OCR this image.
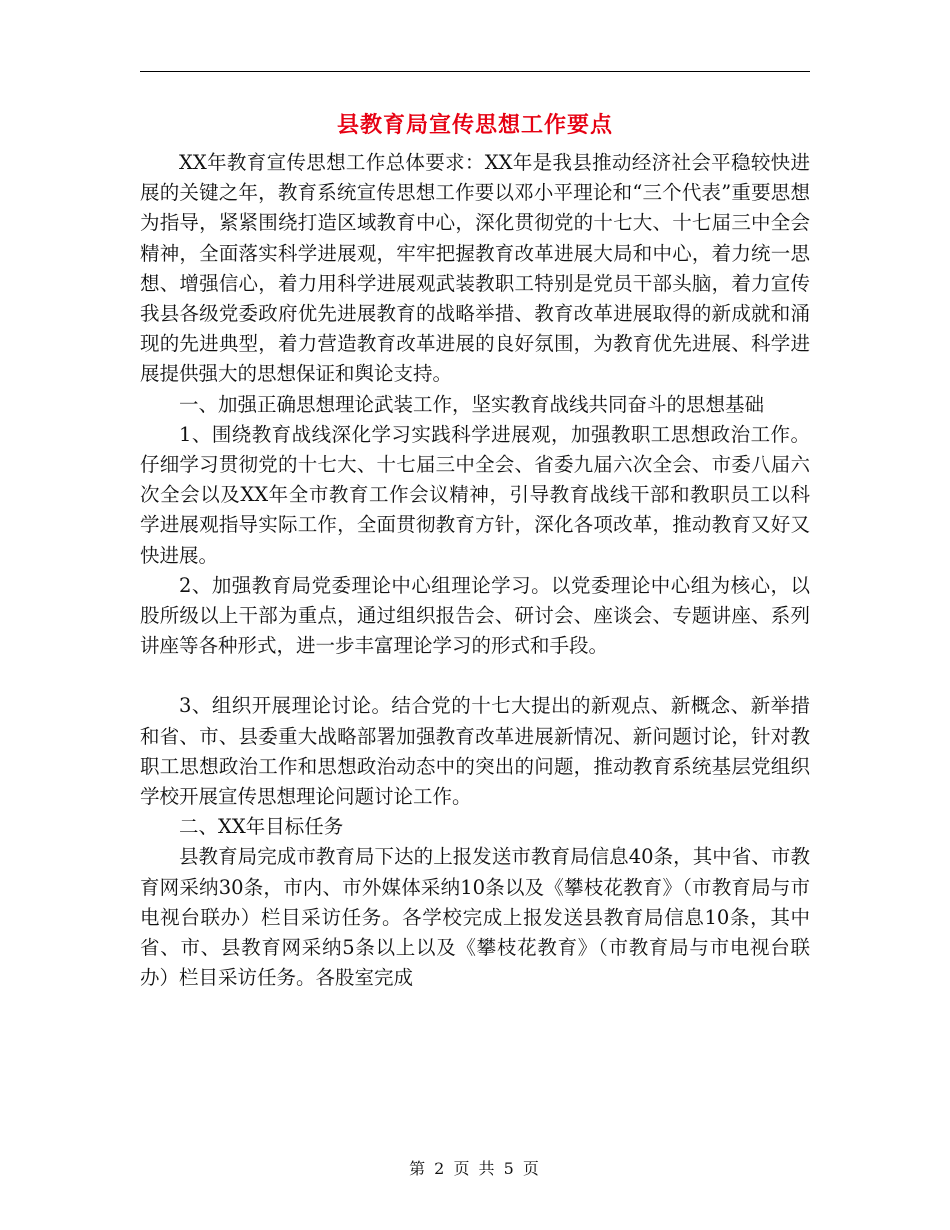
县教育局宣传思想工作要点

XX年教育宣传思想工作总体要求：XX年是我县推动经济社会平稳较快进展的关键之年，教育系统宣传思想工作要以邓小平理论和“三个代表”重要思想为指导，紧紧围绕打造区域教育中心，深化贯彻党的十七大、十七届三中全会精神，全面落实科学进展观，牢牢把握教育改革进展大局和中心，着力统一思想、增强信心，着力用科学进展观武装教职工特别是党员干部头脑，着力宣传我县各级党委政府优先进展教育的战略举措、教育改革进展取得的新成就和涌现的先进典型，着力营造教育改革进展的良好氛围，为教育优先进展、科学进展提供强大的思想保证和舆论支持。

一、加强正确思想理论武装工作，坚实教育战线共同奋斗的思想基础

1、围绕教育战线深化学习实践科学进展观，加强教职工思想政治工作。仔细学习贯彻党的十七大、十七届三中全会、省委九届六次全会、市委八届六次全会以及XX年全市教育工作会议精神，引导教育战线干部和教职员工以科学进展观指导实际工作，全面贯彻教育方针，深化各项改革，推动教育又好又快进展。

2、加强教育局党委理论中心组理论学习。以党委理论中心组为核心，以股所级以上干部为重点，通过组织报告会、研讨会、座谈会、专题讲座、系列讲座等各种形式，进一步丰富理论学习的形式和手段。

3、组织开展理论讨论。结合党的十七大提出的新观点、新概念、新举措和省、市、县委重大战略部署加强教育改革进展新情况、新问题讨论，针对教职工思想政治工作和思想政治动态中的突出的问题，推动教育系统基层党组织学校开展宣传思想理论问题讨论工作。

二、XX年目标任务

县教育局完成市教育局下达的上报发送市教育局信息40条，其中省、市教育网采纳30条，市内、市外媒体采纳10条以及《攀枝花教育》（市教育局与市电视台联办）栏目采访任务。各学校完成上报发送县教育局信息10条，其中省、市、县教育网采纳5条以上以及《攀枝花教育》（市教育局与市电视台联办）栏目采访任务。各股室完成

第 2 页 共 5 页
